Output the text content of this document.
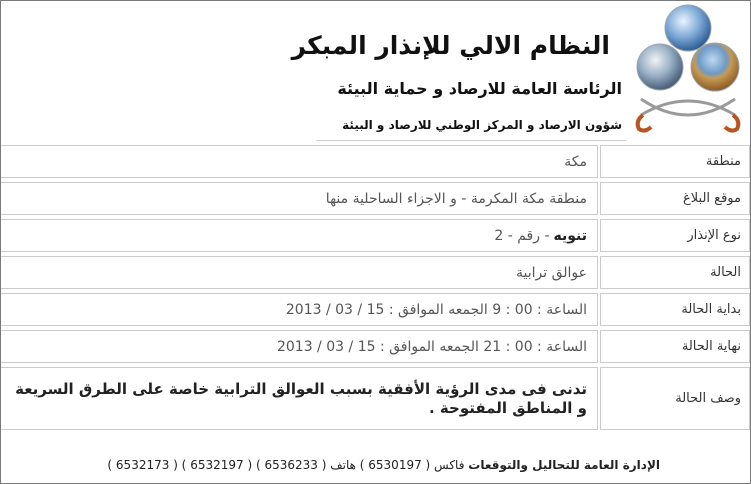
النظام الالي للإنذار المبكر
الرئاسة العامة للارصاد و حماية البيئة
شؤون الارصاد و المركز الوطني للارصاد و البيئة
منطقة
مكة
موقع البلاغ
منطقة مكة المكرمة - و الاجزاء الساحلية منها
نوع الإنذار
تنويه
- رقم - 2
الحالة
عوالق ترابية
بداية الحالة
الساعة : 00 : 9 الجمعه الموافق : 15 / 03 / 2013
نهاية الحالة
الساعة : 00 : 21 الجمعه الموافق : 15 / 03 / 2013
وصف الحالة
تدنى فى مدى الرؤية الأفقية بسبب العوالق الترابية خاصة على الطرق السريعة و المناطق المفتوحة .
الإدارة العامة للتحاليل والتوقعات فاكس ( 6530197 ) هاتف ( 6536233 ) ( 6532197 ) ( 6532173 )
